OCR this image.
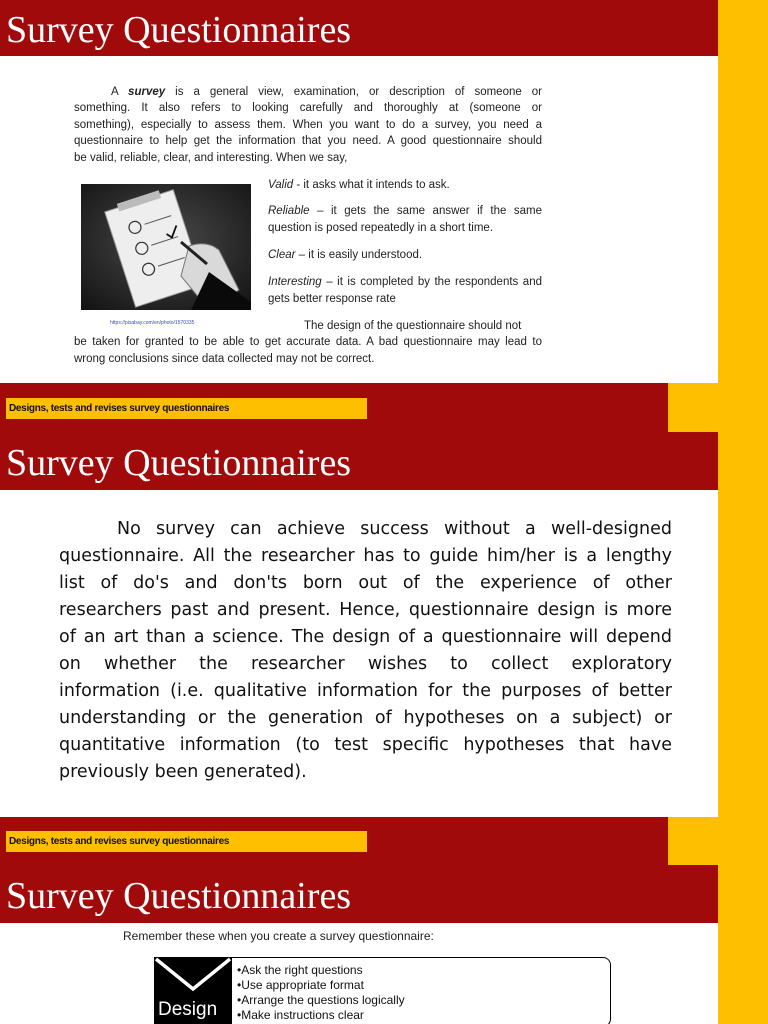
Survey Questionnaires
A survey is a general view, examination, or description of someone or
something. It also refers to looking carefully and thoroughly at (someone or
something), especially to assess them. When you want to do a survey, you need a
questionnaire to help get the information that you need. A good questionnaire should
be valid, reliable, clear, and interesting. When we say,
Valid - it asks what it intends to ask.
Reliable – it gets the same answer if the same question is posed repeatedly in a short time.
Clear – it is easily understood.
Interesting – it is completed by the respondents and gets better response rate
https://pixabay.com/en/photo/1570335	The design of the questionnaire should not
be taken for granted to be able to get accurate data. A bad questionnaire may lead to
wrong conclusions since data collected may not be correct.
Designs, tests and revises survey questionnaires
Survey Questionnaires
No survey can achieve success without a well-designed
questionnaire. All the researcher has to guide him/her is a lengthy
list of do's and don'ts born out of the experience of other
researchers past and present. Hence, questionnaire design is more
of an art than a science. The design of a questionnaire will depend
on whether the researcher wishes to collect exploratory
information (i.e. qualitative information for the purposes of better
understanding or the generation of hypotheses on a subject) or
quantitative information (to test specific hypotheses that have
previously been generated).
Designs, tests and revises survey questionnaires
Survey Questionnaires
Remember these when you create a survey questionnaire:
Design
•Ask the right questions
•Use appropriate format
•Arrange the questions logically
•Make instructions clear
